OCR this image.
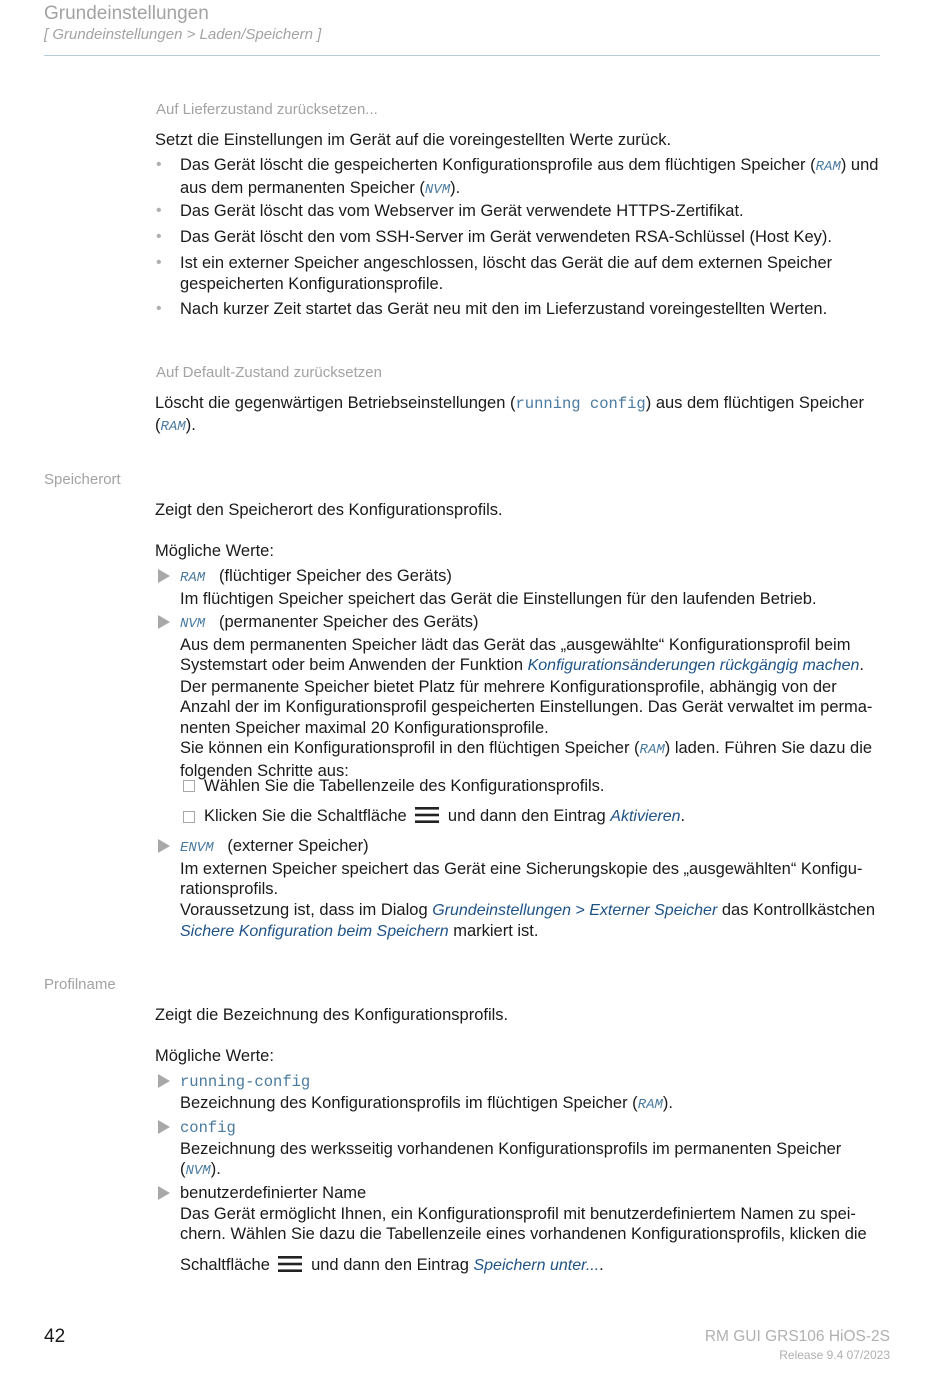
Grundeinstellungen
[ Grundeinstellungen > Laden/Speichern ]
Auf Lieferzustand zurücksetzen...
Setzt die Einstellungen im Gerät auf die voreingestellten Werte zurück.
• Das Gerät löscht die gespeicherten Konfigurationsprofile aus dem flüchtigen Speicher (RAM) und
aus dem permanenten Speicher (NVM).
• Das Gerät löscht das vom Webserver im Gerät verwendete HTTPS-Zertifikat.
• Das Gerät löscht den vom SSH-Server im Gerät verwendeten RSA-Schlüssel (Host Key).
• Ist ein externer Speicher angeschlossen, löscht das Gerät die auf dem externen Speicher
gespeicherten Konfigurationsprofile.
• Nach kurzer Zeit startet das Gerät neu mit den im Lieferzustand voreingestellten Werten.
Auf Default-Zustand zurücksetzen
Löscht die gegenwärtigen Betriebseinstellungen (running config) aus dem flüchtigen Speicher
(RAM).
Speicherort
Zeigt den Speicherort des Konfigurationsprofils.
Mögliche Werte:
RAM (flüchtiger Speicher des Geräts)
Im flüchtigen Speicher speichert das Gerät die Einstellungen für den laufenden Betrieb.
NVM (permanenter Speicher des Geräts)
Aus dem permanenten Speicher lädt das Gerät das „ausgewählte“ Konfigurationsprofil beim
Systemstart oder beim Anwenden der Funktion Konfigurationsänderungen rückgängig machen.
Der permanente Speicher bietet Platz für mehrere Konfigurationsprofile, abhängig von der
Anzahl der im Konfigurationsprofil gespeicherten Einstellungen. Das Gerät verwaltet im perma-
nenten Speicher maximal 20 Konfigurationsprofile.
Sie können ein Konfigurationsprofil in den flüchtigen Speicher (RAM) laden. Führen Sie dazu die
folgenden Schritte aus:
Wählen Sie die Tabellenzeile des Konfigurationsprofils.
Klicken Sie die Schaltfläche und dann den Eintrag Aktivieren.
ENVM (externer Speicher)
Im externen Speicher speichert das Gerät eine Sicherungskopie des „ausgewählten“ Konfigu-
rationsprofils.
Voraussetzung ist, dass im Dialog Grundeinstellungen > Externer Speicher das Kontrollkästchen
Sichere Konfiguration beim Speichern markiert ist.
Profilname
Zeigt die Bezeichnung des Konfigurationsprofils.
Mögliche Werte:
running-config
Bezeichnung des Konfigurationsprofils im flüchtigen Speicher (RAM).
config
Bezeichnung des werksseitig vorhandenen Konfigurationsprofils im permanenten Speicher
(NVM).
benutzerdefinierter Name
Das Gerät ermöglicht Ihnen, ein Konfigurationsprofil mit benutzerdefiniertem Namen zu spei-
chern. Wählen Sie dazu die Tabellenzeile eines vorhandenen Konfigurationsprofils, klicken die
Schaltfläche und dann den Eintrag Speichern unter....
42	RM GUI GRS106 HiOS-2S
Release 9.4 07/2023
